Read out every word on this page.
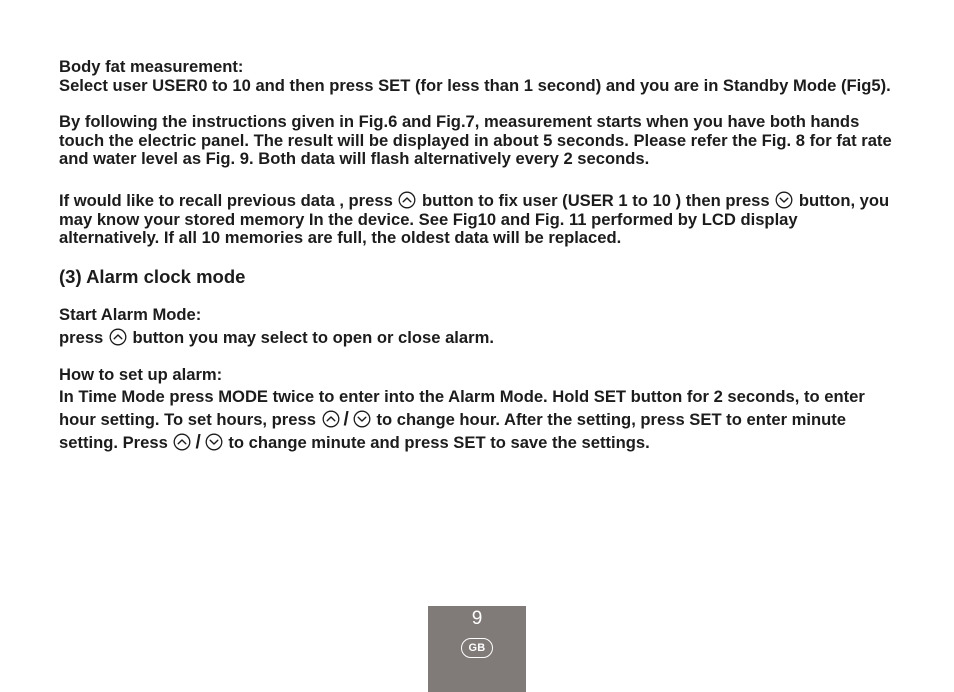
Body fat measurement:

Select user USER0 to 10 and then press SET (for less than 1 second) and you are in Standby Mode (Fig5).

By following the instructions given in Fig.6 and Fig.7, measurement starts when you have both hands touch the electric panel. The result will be displayed in about 5 seconds. Please refer the Fig. 8 for fat rate and water level as Fig. 9. Both data will flash alternatively every 2 seconds.

If would like to recall previous data , press
button to fix user (USER 1 to 10 ) then press
button, you may know your stored memory In the device. See Fig10 and Fig. 11 performed by LCD display alternatively. If all 10 memories are full, the oldest data will be replaced.

(3) Alarm clock mode

Start Alarm Mode:

press
button you may select to open or close alarm.

How to set up alarm:

In Time Mode press MODE twice to enter into the Alarm Mode. Hold SET button for 2 seconds, to enter hour setting. To set hours, press
/
to change hour. After the setting, press SET to enter minute setting. Press
/
to change minute and press SET to save the settings.

9
GB
